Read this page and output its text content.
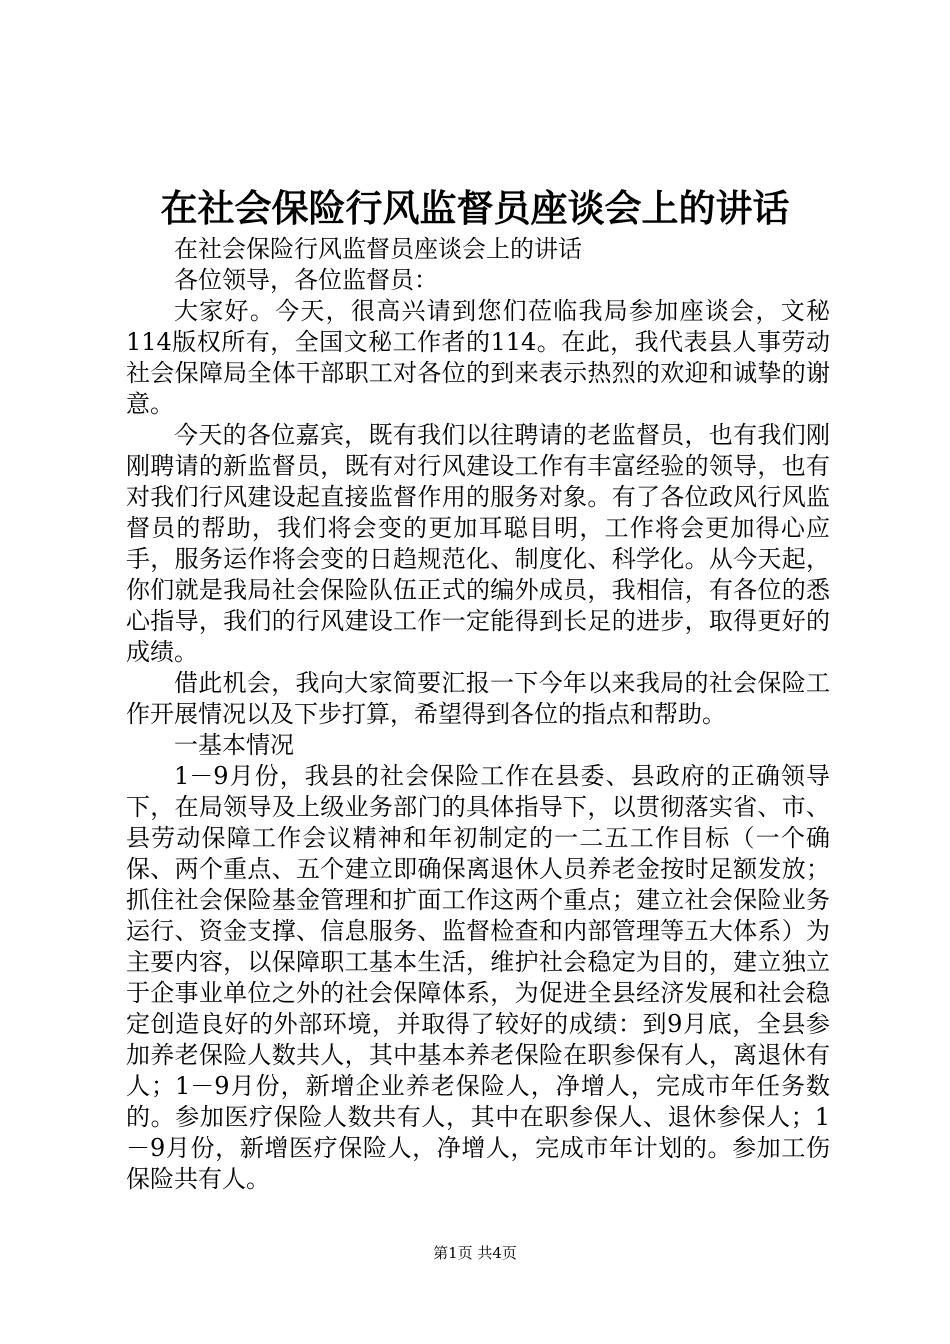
在社会保险行风监督员座谈会上的讲话

在社会保险行风监督员座谈会上的讲话

各位领导，各位监督员：

大家好。今天，很高兴请到您们莅临我局参加座谈会，文秘114版权所有，全国文秘工作者的114。在此，我代表县人事劳动社会保障局全体干部职工对各位的到来表示热烈的欢迎和诚挚的谢意。

今天的各位嘉宾，既有我们以往聘请的老监督员，也有我们刚刚聘请的新监督员，既有对行风建设工作有丰富经验的领导，也有对我们行风建设起直接监督作用的服务对象。有了各位政风行风监督员的帮助，我们将会变的更加耳聪目明，工作将会更加得心应手，服务运作将会变的日趋规范化、制度化、科学化。从今天起，你们就是我局社会保险队伍正式的编外成员，我相信，有各位的悉心指导，我们的行风建设工作一定能得到长足的进步，取得更好的成绩。

借此机会，我向大家简要汇报一下今年以来我局的社会保险工作开展情况以及下步打算，希望得到各位的指点和帮助。

一基本情况

1－9月份，我县的社会保险工作在县委、县政府的正确领导下，在局领导及上级业务部门的具体指导下，以贯彻落实省、市、县劳动保障工作会议精神和年初制定的一二五工作目标（一个确保、两个重点、五个建立即确保离退休人员养老金按时足额发放；抓住社会保险基金管理和扩面工作这两个重点；建立社会保险业务运行、资金支撑、信息服务、监督检查和内部管理等五大体系）为主要内容，以保障职工基本生活，维护社会稳定为目的，建立独立于企事业单位之外的社会保障体系，为促进全县经济发展和社会稳定创造良好的外部环境，并取得了较好的成绩：到9月底，全县参加养老保险人数共人，其中基本养老保险在职参保有人，离退休有人；1－9月份，新增企业养老保险人，净增人，完成市年任务数的。参加医疗保险人数共有人，其中在职参保人、退休参保人；1－9月份，新增医疗保险人，净增人，完成市年计划的。参加工伤保险共有人。

第1页 共4页
